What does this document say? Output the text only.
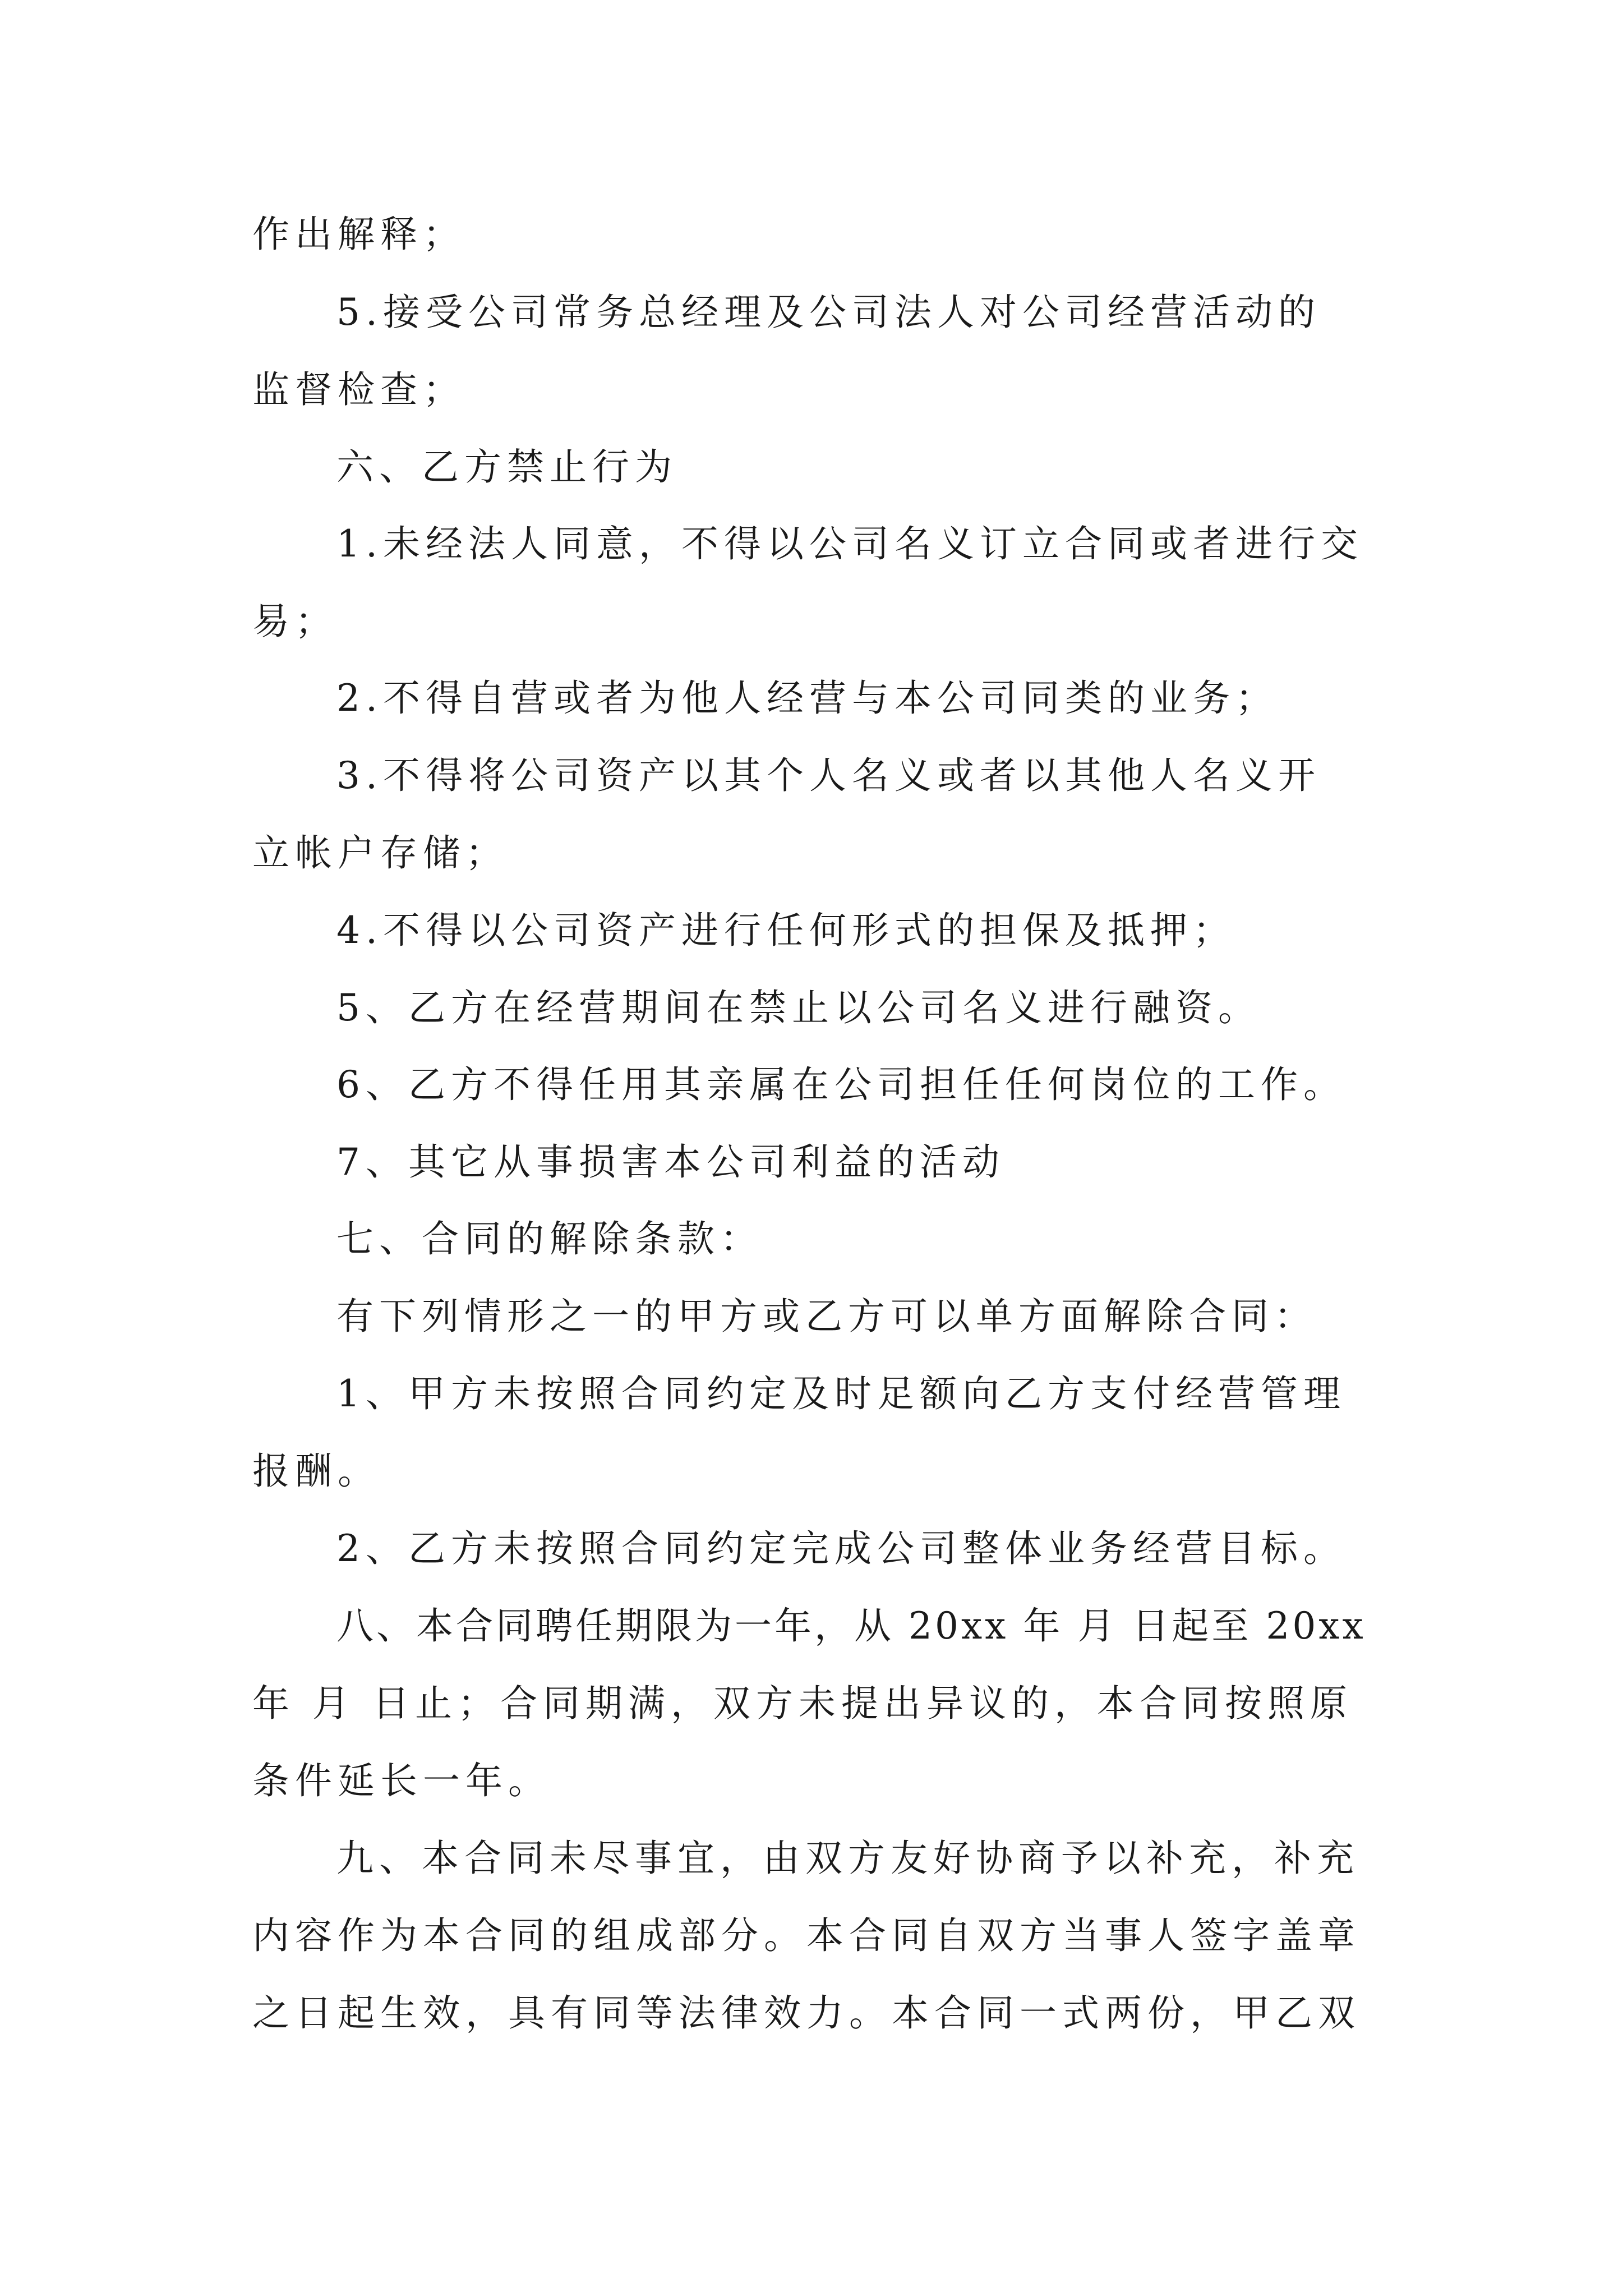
作出解释；
5.接受公司常务总经理及公司法人对公司经营活动的
监督检查；
六、乙方禁止行为
1.未经法人同意，不得以公司名义订立合同或者进行交
易；
2.不得自营或者为他人经营与本公司同类的业务；
3.不得将公司资产以其个人名义或者以其他人名义开
立帐户存储；
4.不得以公司资产进行任何形式的担保及抵押；
5、乙方在经营期间在禁止以公司名义进行融资。
6、乙方不得任用其亲属在公司担任任何岗位的工作。
7、其它从事损害本公司利益的活动
七、合同的解除条款：
有下列情形之一的甲方或乙方可以单方面解除合同：
1、甲方未按照合同约定及时足额向乙方支付经营管理
报酬。
2、乙方未按照合同约定完成公司整体业务经营目标。
八、本合同聘任期限为一年，从 20xx 年 月 日起至 20xx
年 月 日止；合同期满，双方未提出异议的，本合同按照原
条件延长一年。
九、本合同未尽事宜，由双方友好协商予以补充，补充
内容作为本合同的组成部分。本合同自双方当事人签字盖章
之日起生效，具有同等法律效力。本合同一式两份，甲乙双
